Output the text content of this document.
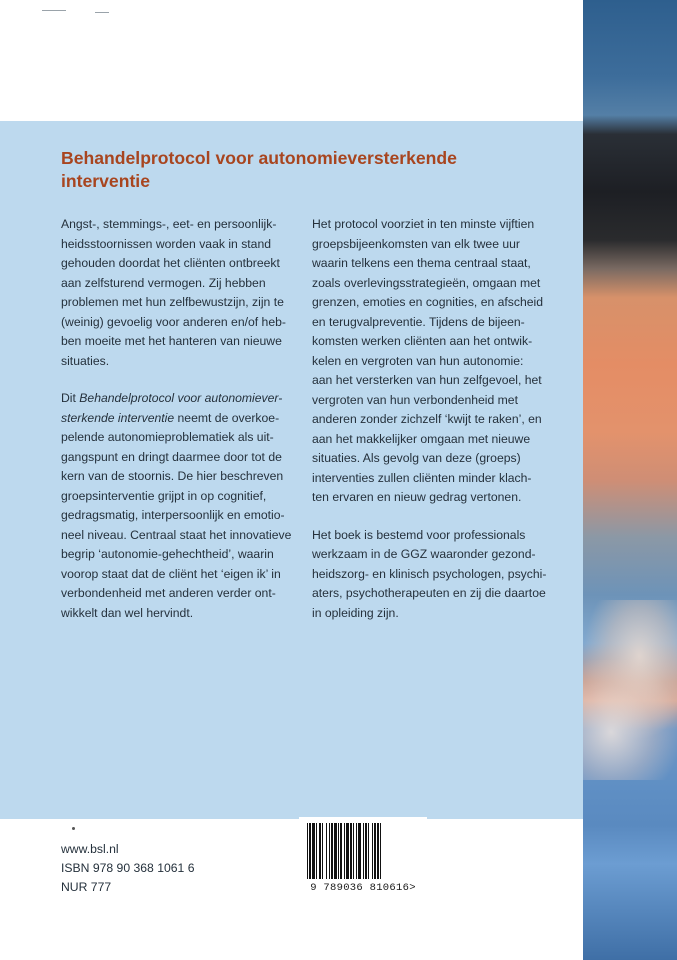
Behandelprotocol voor autonomieversterkende
interventie

Angst-, stemmings-, eet- en persoonlijk-
heidsstoornissen worden vaak in stand
gehouden doordat het cliënten ontbreekt
aan zelfsturend vermogen. Zij hebben
problemen met hun zelfbewustzijn, zijn te
(weinig) gevoelig voor anderen en/of heb-
ben moeite met het hanteren van nieuwe
situaties.

Dit Behandelprotocol voor autonomiever-
sterkende interventie neemt de overkoe-
pelende autonomieproblematiek als uit-
gangspunt en dringt daarmee door tot de
kern van de stoornis. De hier beschreven
groepsinterventie grijpt in op cognitief,
gedragsmatig, interpersoonlijk en emotio-
neel niveau. Centraal staat het innovatieve
begrip ‘autonomie-gehechtheid’, waarin
voorop staat dat de cliënt het ‘eigen ik’ in
verbondenheid met anderen verder ont-
wikkelt dan wel hervindt.

Het protocol voorziet in ten minste vijftien
groepsbijeenkomsten van elk twee uur
waarin telkens een thema centraal staat,
zoals overlevingsstrategieën, omgaan met
grenzen, emoties en cognities, en afscheid
en terugvalpreventie. Tijdens de bijeen-
komsten werken cliënten aan het ontwik-
kelen en vergroten van hun autonomie:
aan het versterken van hun zelfgevoel, het
vergroten van hun verbondenheid met
anderen zonder zichzelf ‘kwijt te raken’, en
aan het makkelijker omgaan met nieuwe
situaties. Als gevolg van deze (groeps)
interventies zullen cliënten minder klach-
ten ervaren en nieuw gedrag vertonen.

Het boek is bestemd voor professionals
werkzaam in de GGZ waaronder gezond-
heidszorg- en klinisch psychologen, psychi-
aters, psychotherapeuten en zij die daartoe
in opleiding zijn.

www.bsl.nl
ISBN 978 90 368 1061 6
NUR 777	9 789036 810616>
